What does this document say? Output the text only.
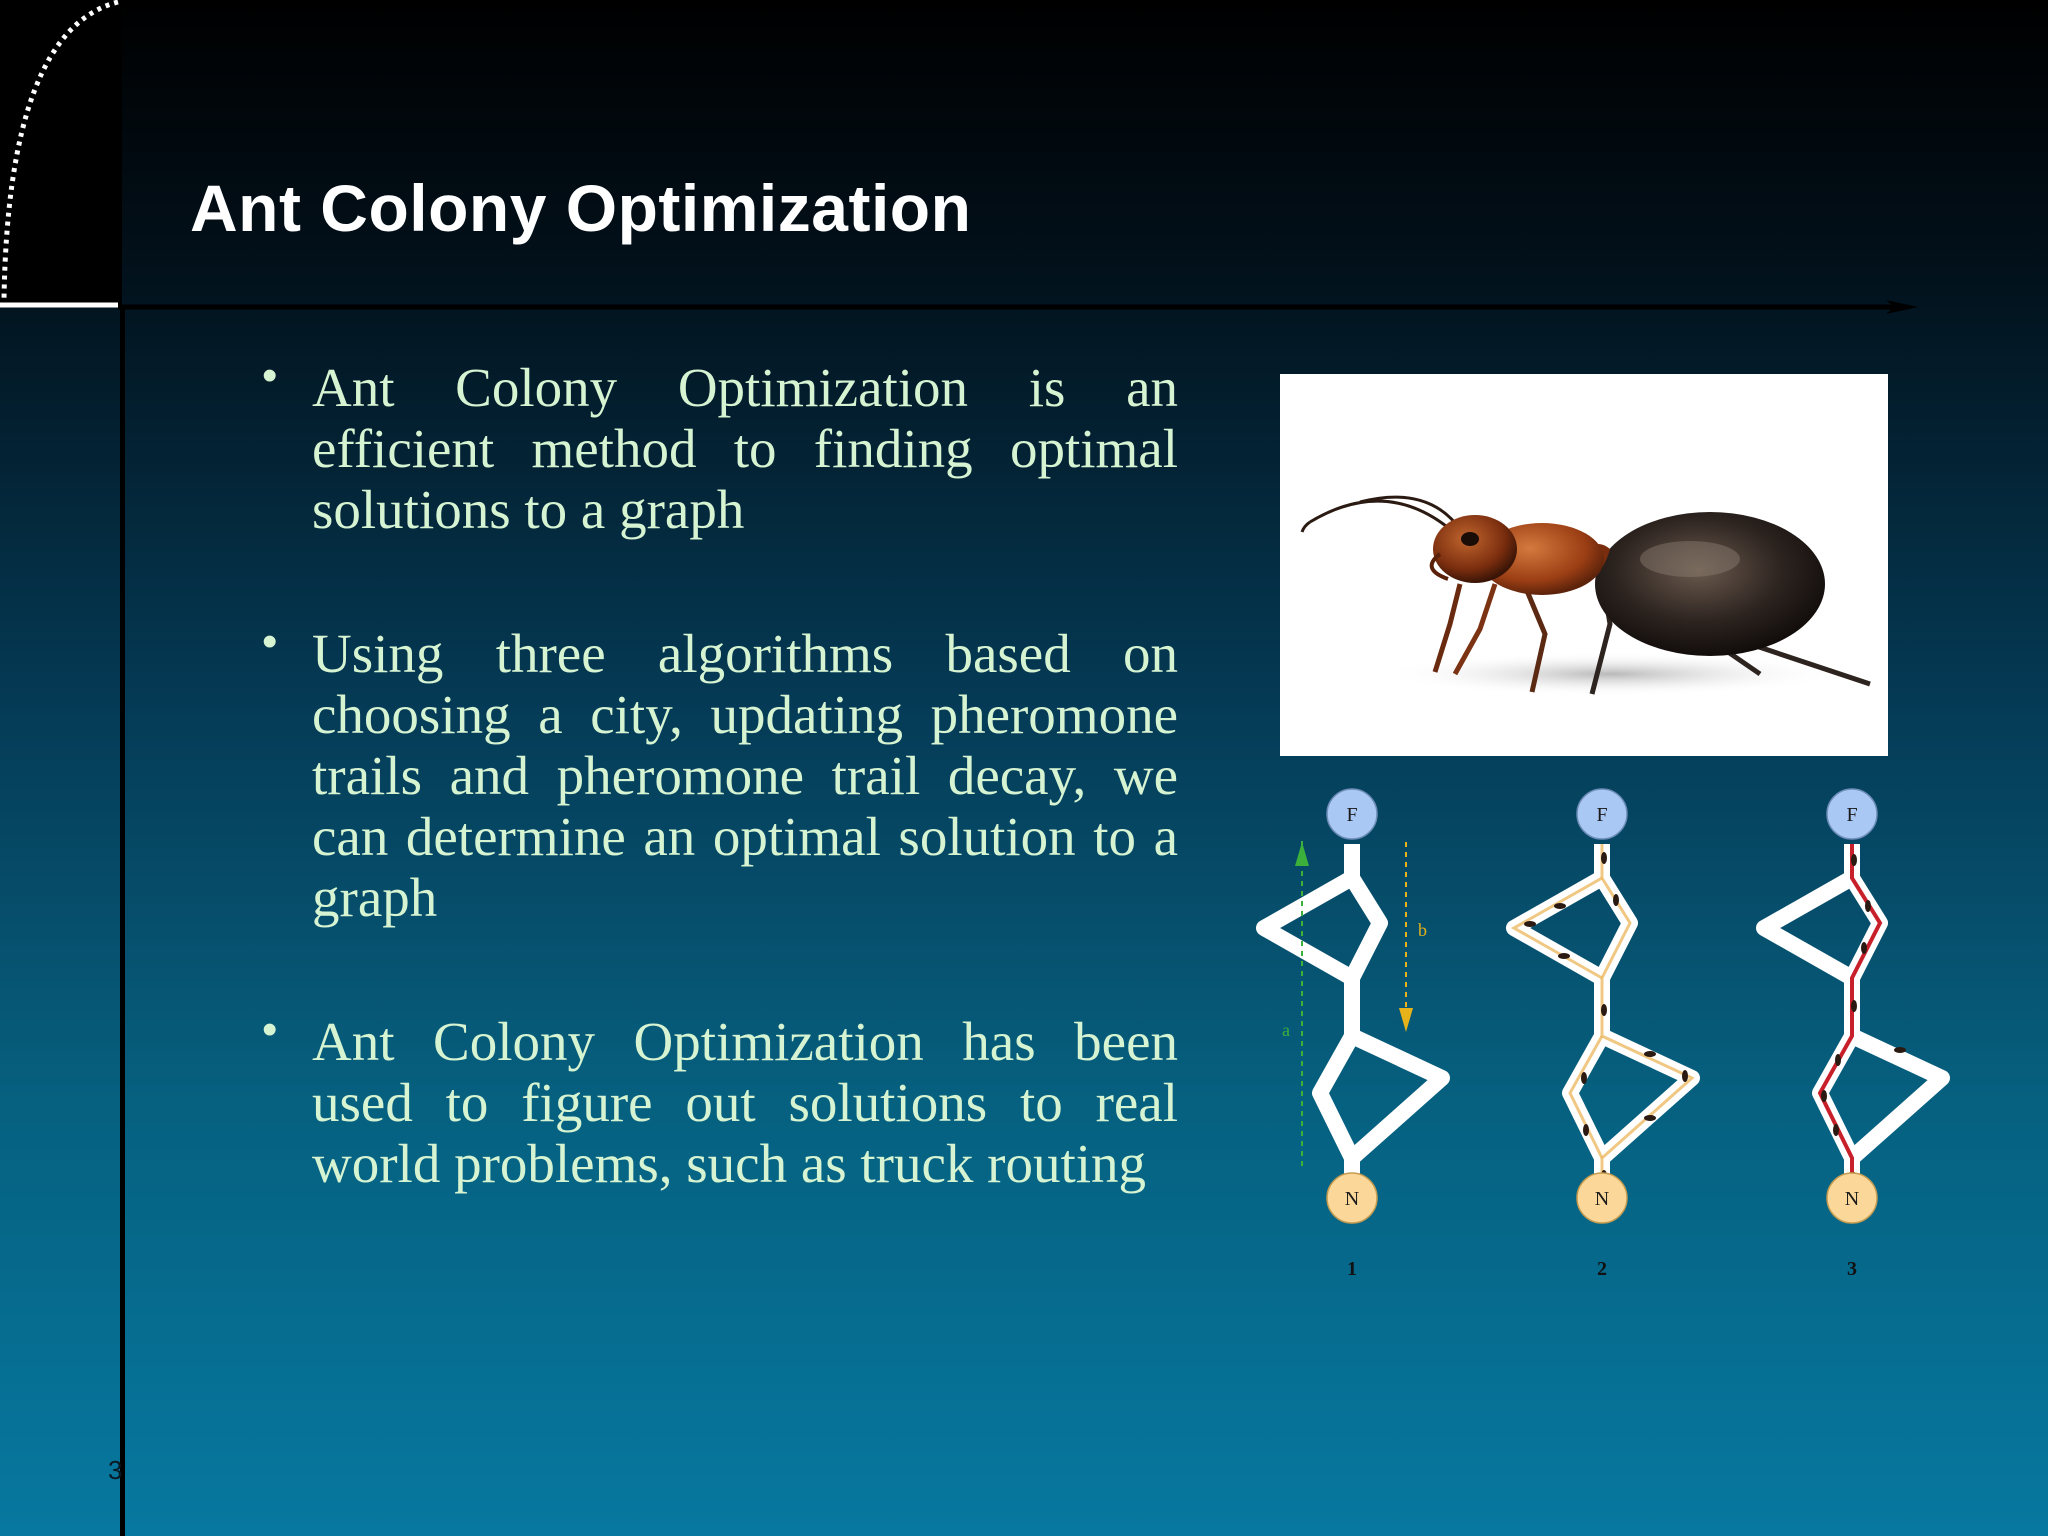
Ant Colony Optimization
• Ant Colony Optimization is an efficient method to finding optimal solutions to a graph
• Using three algorithms based on choosing a city, updating pheromone trails and pheromone trail decay, we can determine an optimal solution to a graph
• Ant Colony Optimization has been used to figure out solutions to real world problems, such as truck routing
a
b
F
N
1
F
N
2
F
N
3
3
